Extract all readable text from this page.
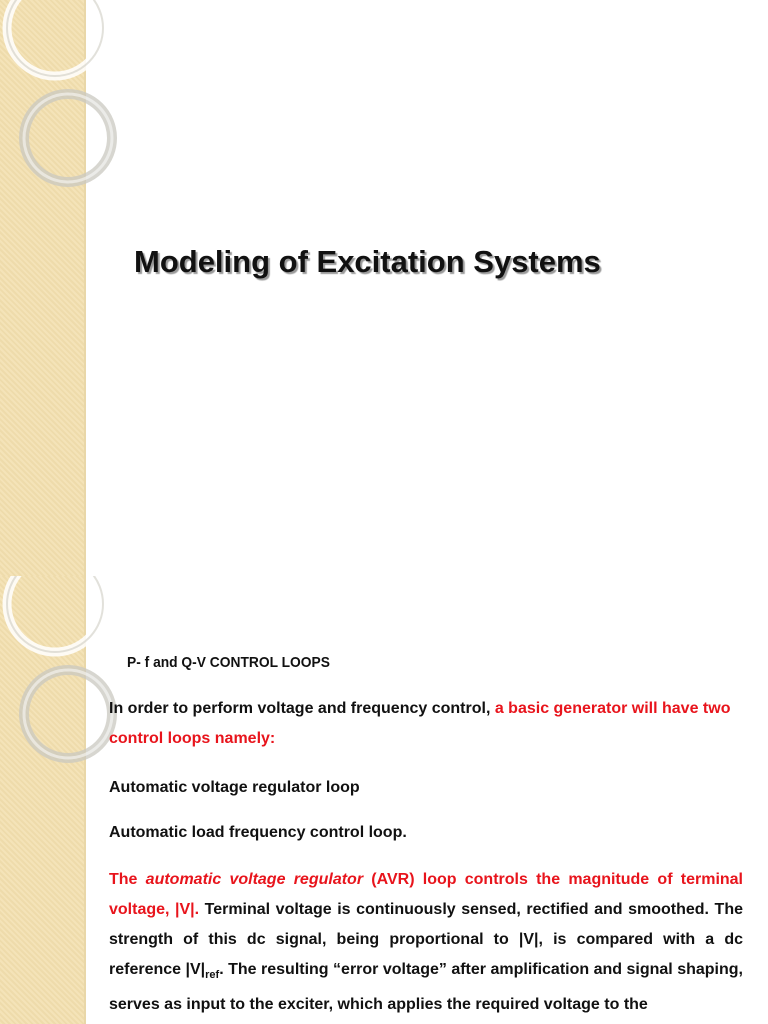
Modeling of Excitation Systems
P- f and Q-V CONTROL LOOPS
In order to perform voltage and frequency control, a basic generator will have two control loops namely:
Automatic voltage regulator loop
Automatic load frequency control loop.
The automatic voltage regulator (AVR) loop controls the magnitude of terminal voltage, |V|. Terminal voltage is continuously sensed, rectified and smoothed. The strength of this dc signal, being proportional to |V|, is compared with a dc reference $|V|_{ref}$. The resulting “error voltage” after amplification and signal shaping, serves as input to the exciter, which applies the required voltage to the
